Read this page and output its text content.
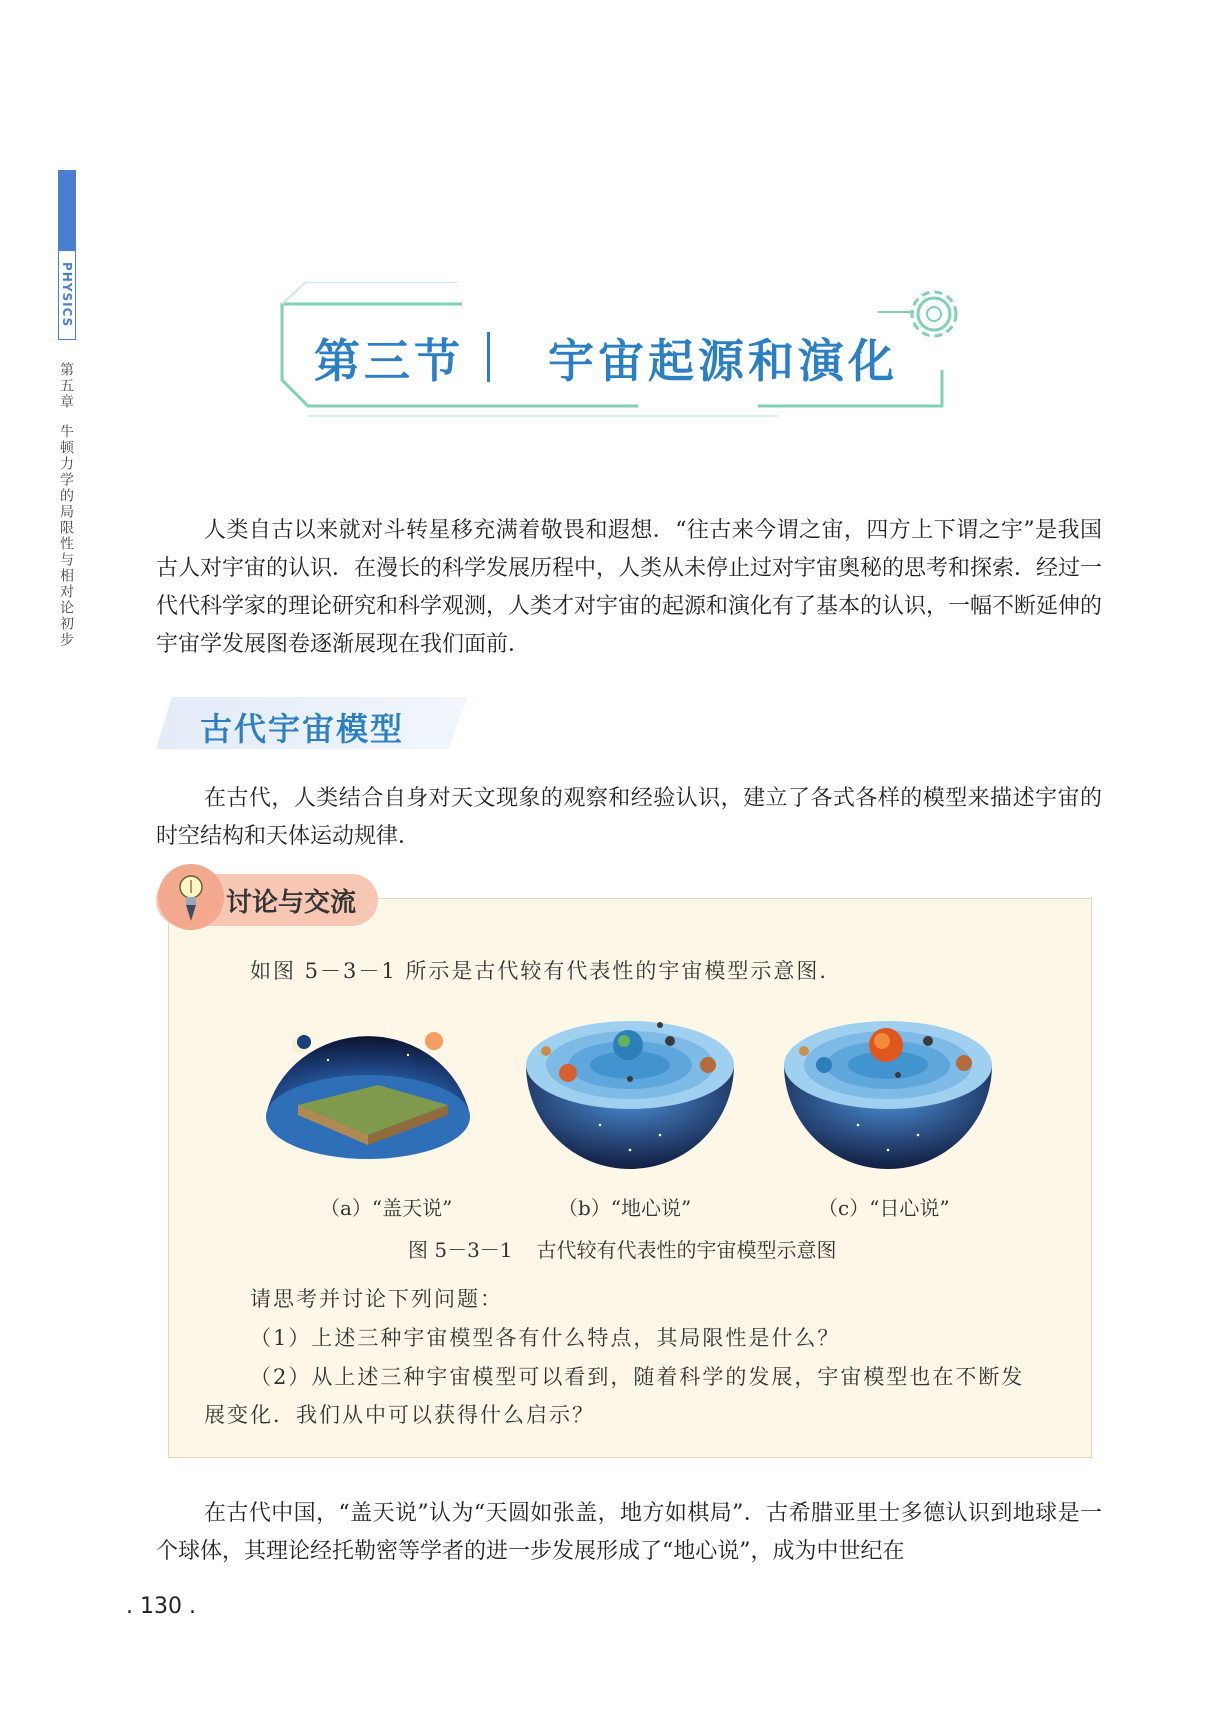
PHYSICS
第五章牛顿力学的局限性与相对论初步
第三节 宇宙起源和演化

人类自古以来就对斗转星移充满着敬畏和遐想．“往古来今谓之宙，四方上下谓之宇”是我国古人对宇宙的认识．在漫长的科学发展历程中，人类从未停止过对宇宙奥秘的思考和探索．经过一代代科学家的理论研究和科学观测，人类才对宇宙的起源和演化有了基本的认识，一幅不断延伸的宇宙学发展图卷逐渐展现在我们面前．

古代宇宙模型

在古代，人类结合自身对天文现象的观察和经验认识，建立了各式各样的模型来描述宇宙的时空结构和天体运动规律．

讨论与交流

如图 5－3－1 所示是古代较有代表性的宇宙模型示意图．

（a）“盖天说”	（b）“地心说”	（c）“日心说”
图 5－3－1 古代较有代表性的宇宙模型示意图

请思考并讨论下列问题：

（1）上述三种宇宙模型各有什么特点，其局限性是什么？

（2）从上述三种宇宙模型可以看到，随着科学的发展，宇宙模型也在不断发

展变化．我们从中可以获得什么启示？

在古代中国，“盖天说”认为“天圆如张盖，地方如棋局”．古希腊亚里士多德认识到地球是一个球体，其理论经托勒密等学者的进一步发展形成了“地心说”，成为中世纪在

. 130 .
